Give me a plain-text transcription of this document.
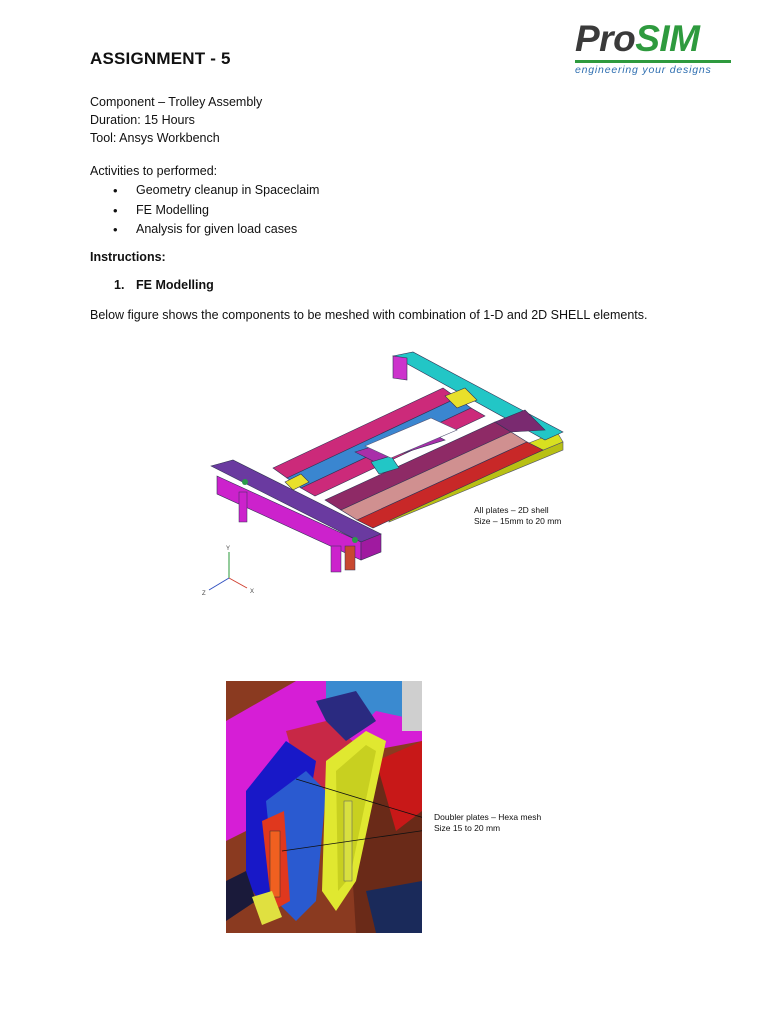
ASSIGNMENT - 5	ProSIM
engineering your designs
Component – Trolley Assembly
Duration: 15 Hours
Tool: Ansys Workbench
Activities to performed:
• Geometry cleanup in Spaceclaim
• FE Modelling
• Analysis for given load cases
Instructions:
1. FE Modelling
Below figure shows the components to be meshed with combination of 1-D and 2D SHELL elements.
Y
X
Z
All plates – 2D shell
Size – 15mm to 20 mm
Doubler plates – Hexa mesh
Size 15 to 20 mm
